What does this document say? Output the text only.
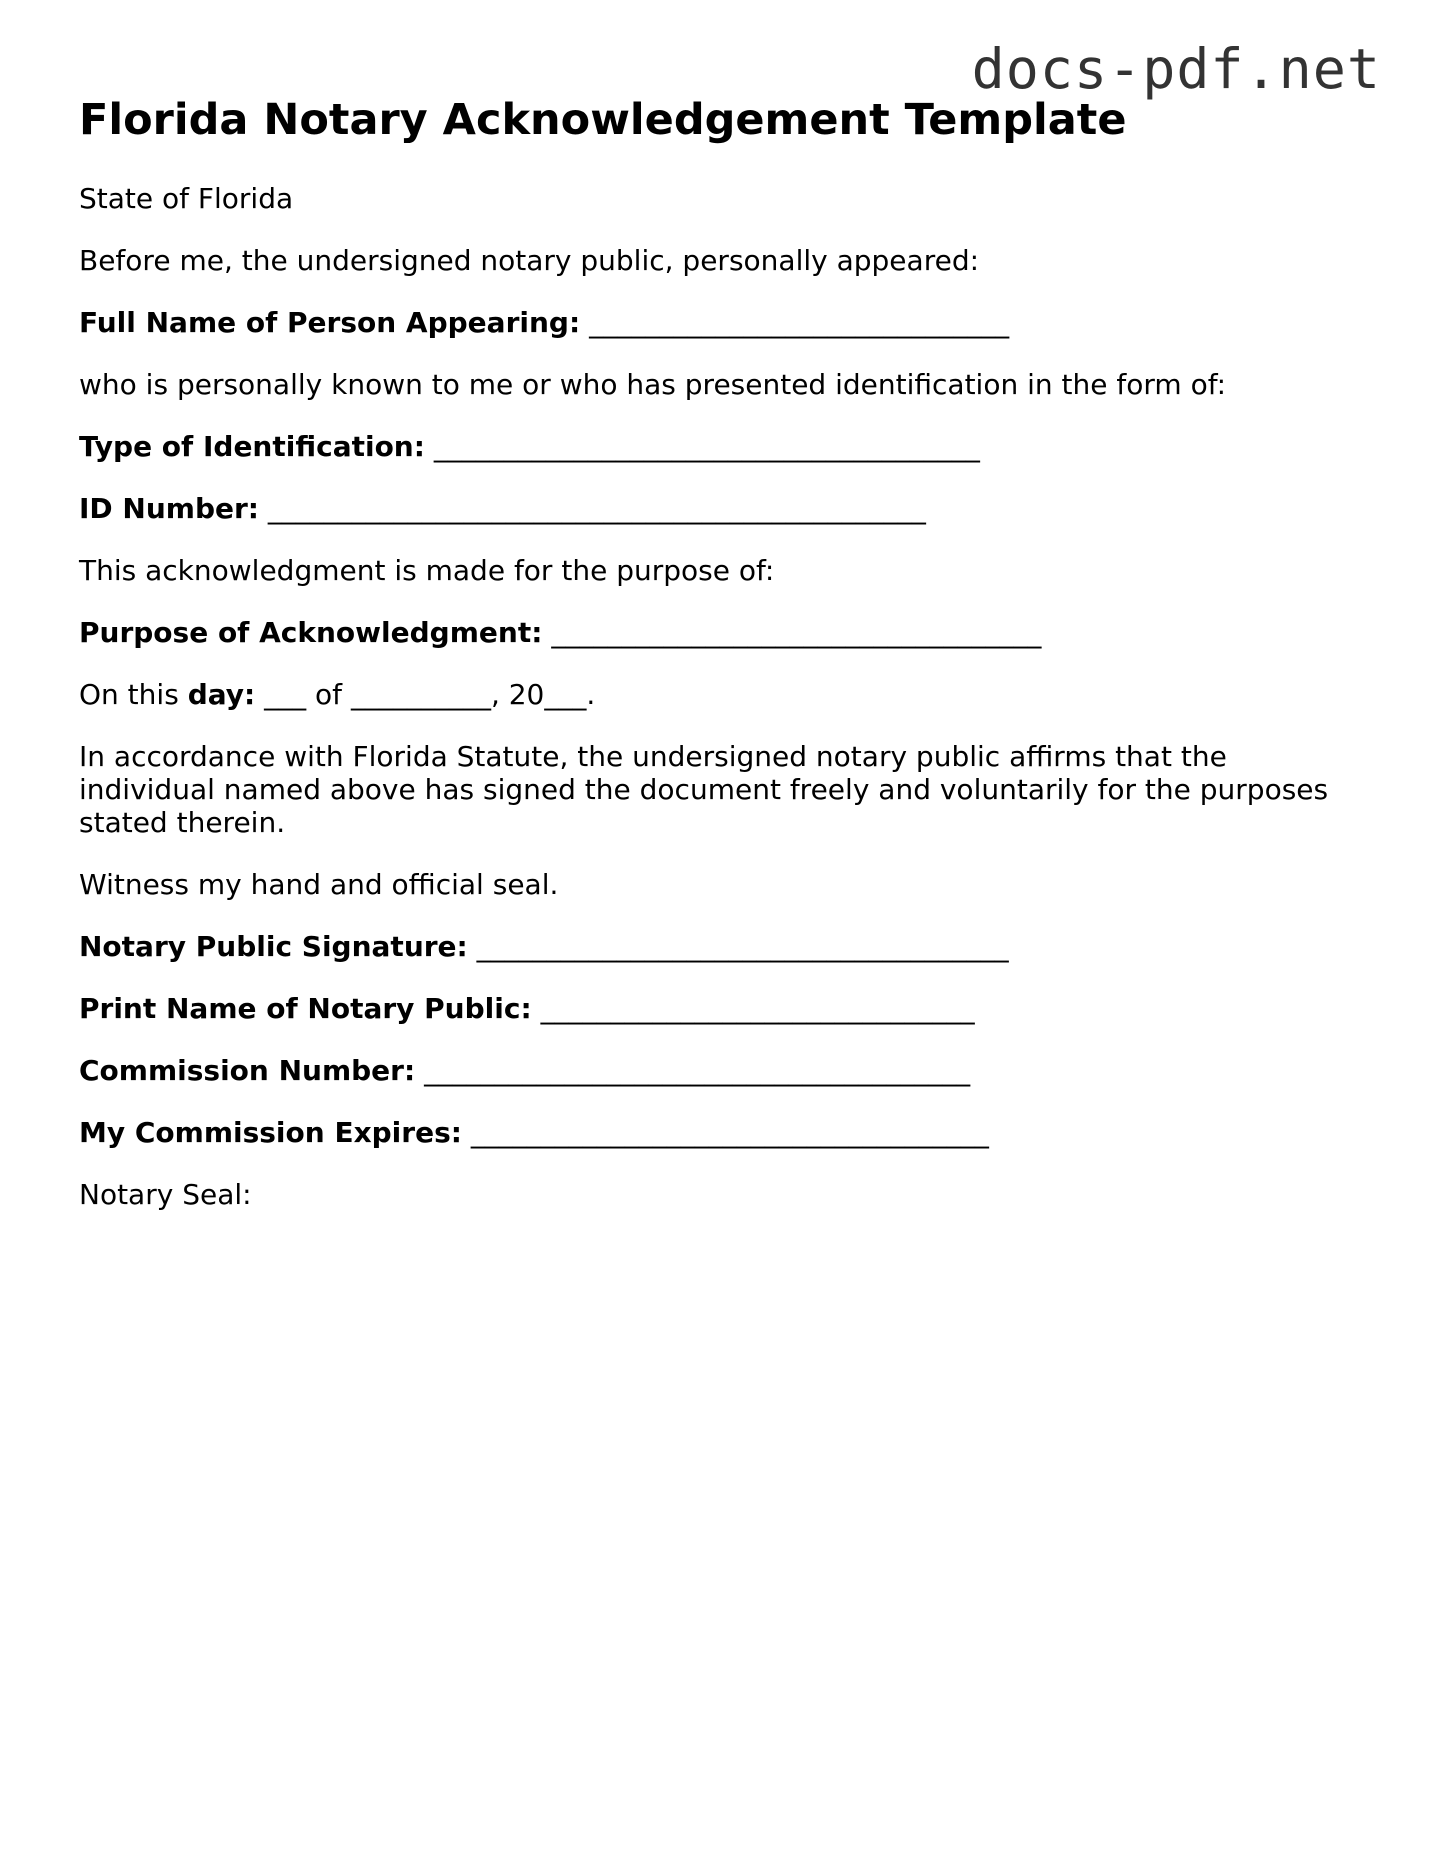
docs-pdf.net
Florida Notary Acknowledgement Template

State of Florida

Before me, the undersigned notary public, personally appeared:

Full Name of Person Appearing: ______________________________

who is personally known to me or who has presented identification in the form of:

Type of Identification: _______________________________________

ID Number: _______________________________________________

This acknowledgment is made for the purpose of:

Purpose of Acknowledgment: ___________________________________

On this day: ___ of __________, 20___.

In accordance with Florida Statute, the undersigned notary public affirms that the individual named above has signed the document freely and voluntarily for the purposes stated therein.

Witness my hand and official seal.

Notary Public Signature: ______________________________________

Print Name of Notary Public: _______________________________

Commission Number: _______________________________________

My Commission Expires: _____________________________________

Notary Seal:
